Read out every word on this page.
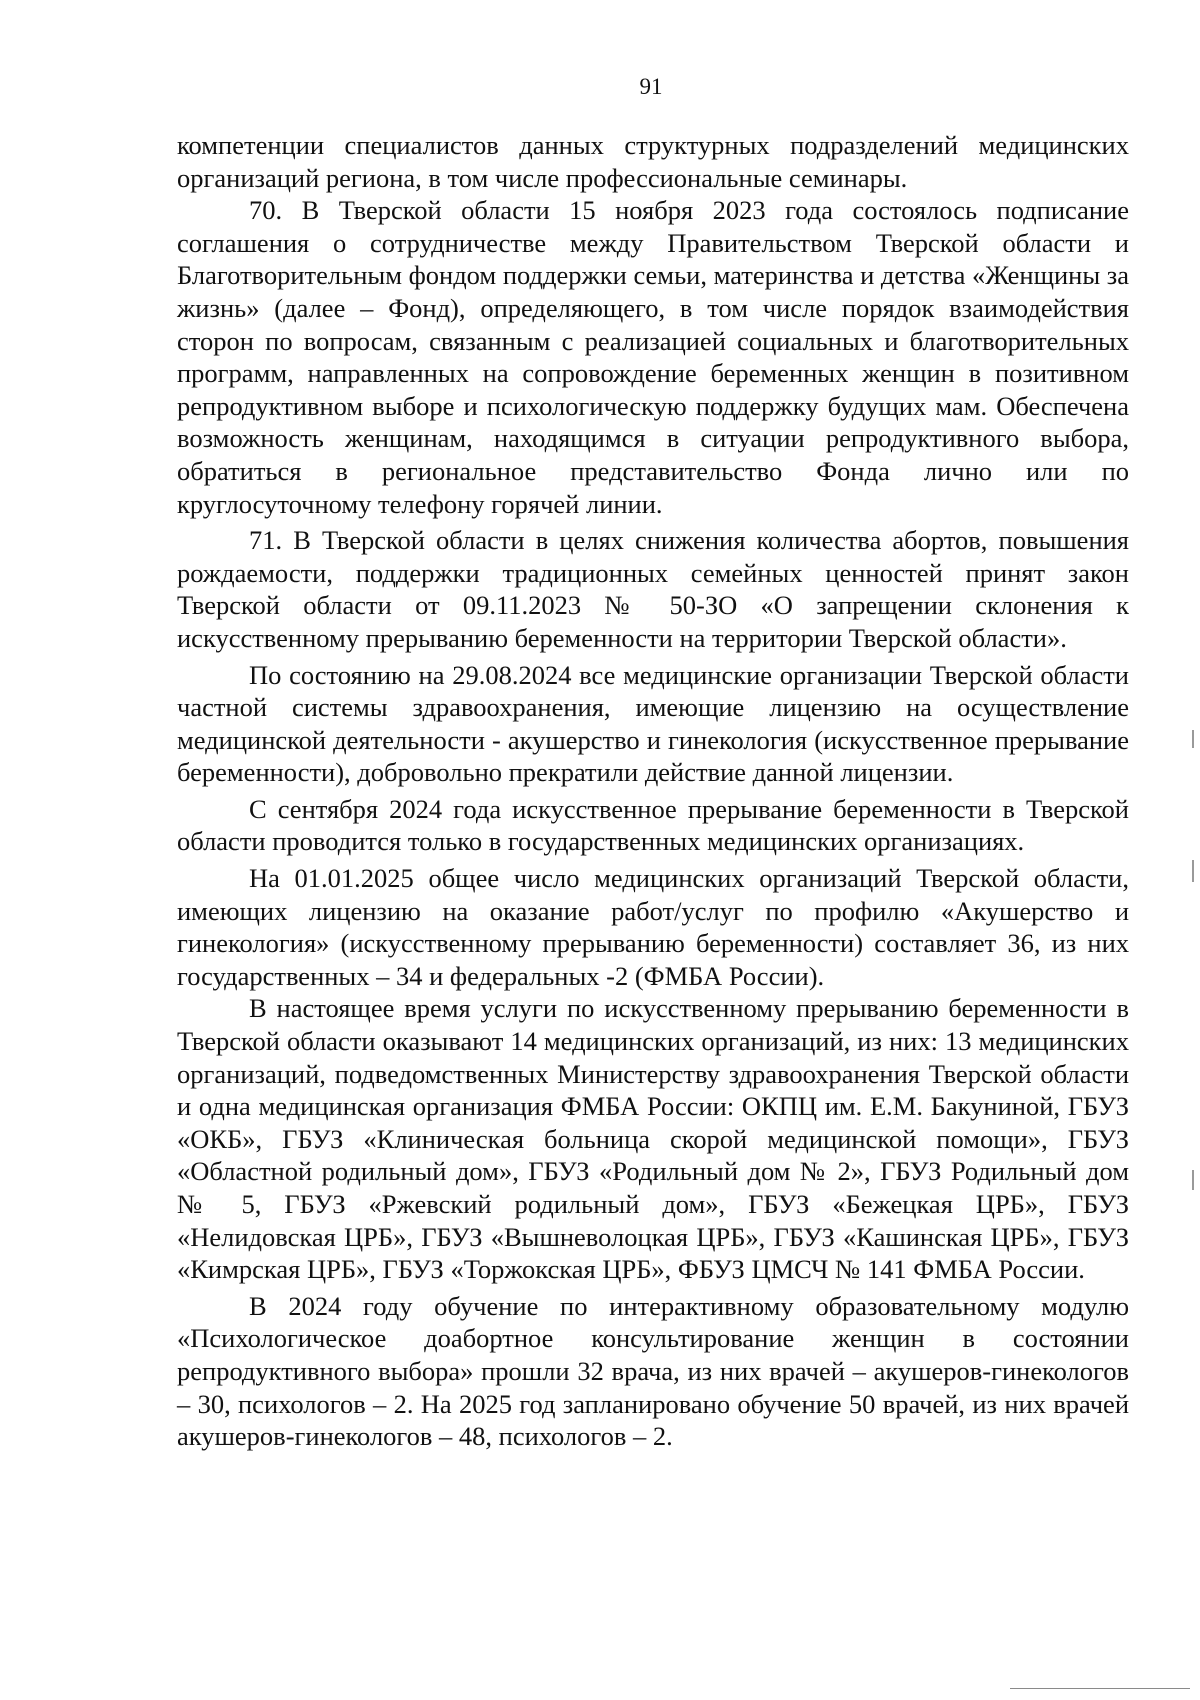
91

компетенции специалистов данных структурных подразделений медицинских организаций региона, в том числе профессиональные семинары.

70. В Тверской области 15 ноября 2023 года состоялось подписание соглашения о сотрудничестве между Правительством Тверской области и Благотворительным фондом поддержки семьи, материнства и детства «Женщины за жизнь» (далее – Фонд), определяющего, в том числе порядок взаимодействия сторон по вопросам, связанным с реализацией социальных и благотворительных программ, направленных на сопровождение беременных женщин в позитивном репродуктивном выборе и психологическую поддержку будущих мам. Обеспечена возможность женщинам, находящимся в ситуации репродуктивного выбора, обратиться в региональное представительство Фонда лично или по круглосуточному телефону горячей линии.

71. В Тверской области в целях снижения количества абортов, повышения рождаемости, поддержки традиционных семейных ценностей принят закон Тверской области от 09.11.2023 № 50-ЗО «О запрещении склонения к искусственному прерыванию беременности на территории Тверской области».

По состоянию на 29.08.2024 все медицинские организации Тверской области частной системы здравоохранения, имеющие лицензию на осуществление медицинской деятельности - акушерство и гинекология (искусственное прерывание беременности), добровольно прекратили действие данной лицензии.

С сентября 2024 года искусственное прерывание беременности в Тверской области проводится только в государственных медицинских организациях.

На 01.01.2025 общее число медицинских организаций Тверской области, имеющих лицензию на оказание работ/услуг по профилю «Акушерство и гинекология» (искусственному прерыванию беременности) составляет 36, из них государственных – 34 и федеральных -2 (ФМБА России).

В настоящее время услуги по искусственному прерыванию беременности в Тверской области оказывают 14 медицинских организаций, из них: 13 медицинских организаций, подведомственных Министерству здравоохранения Тверской области и одна медицинская организация ФМБА России: ОКПЦ им. Е.М. Бакуниной, ГБУЗ «ОКБ», ГБУЗ «Клиническая больница скорой медицинской помощи», ГБУЗ «Областной родильный дом», ГБУЗ «Родильный дом № 2», ГБУЗ Родильный дом № 5, ГБУЗ «Ржевский родильный дом», ГБУЗ «Бежецкая ЦРБ», ГБУЗ «Нелидовская ЦРБ», ГБУЗ «Вышневолоцкая ЦРБ», ГБУЗ «Кашинская ЦРБ», ГБУЗ «Кимрская ЦРБ», ГБУЗ «Торжокская ЦРБ», ФБУЗ ЦМСЧ № 141 ФМБА России.

В 2024 году обучение по интерактивному образовательному модулю «Психологическое доабортное консультирование женщин в состоянии репродуктивного выбора» прошли 32 врача, из них врачей – акушеров-гинекологов – 30, психологов – 2. На 2025 год запланировано обучение 50 врачей, из них врачей акушеров-гинекологов – 48, психологов – 2.
